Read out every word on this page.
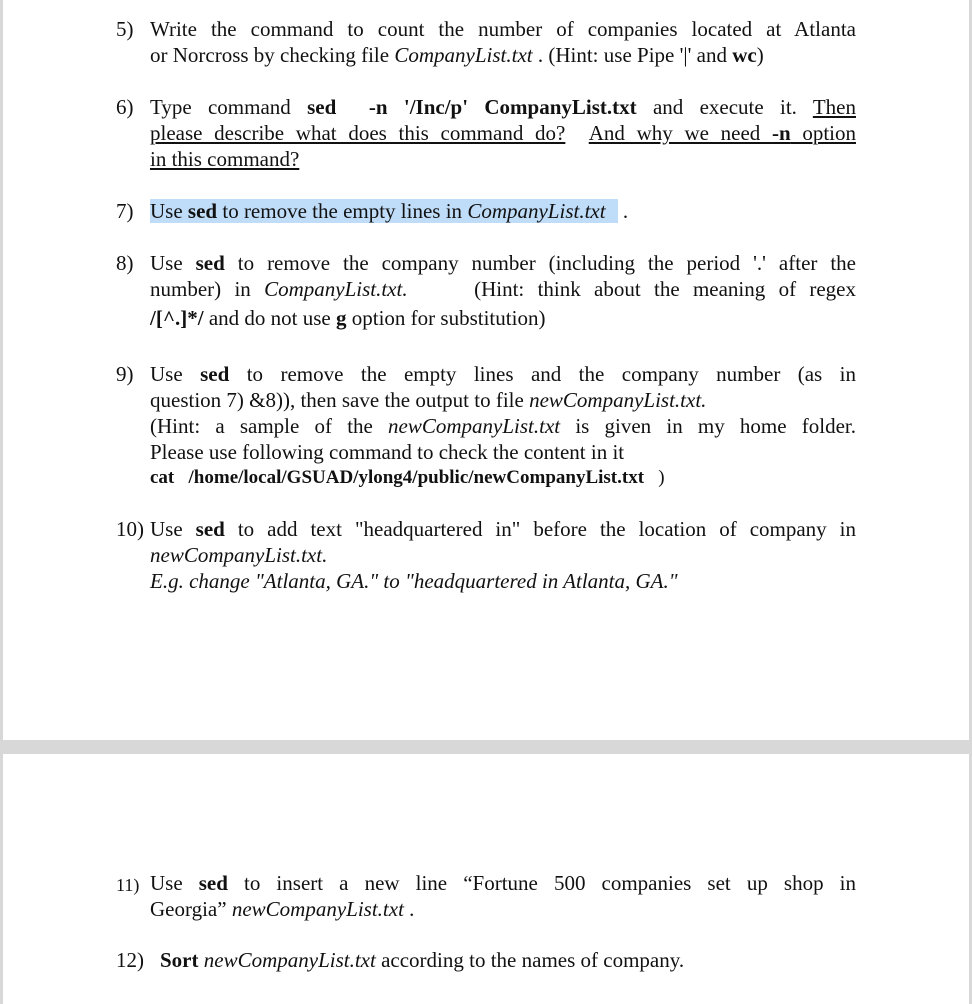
5) Write the command to count the number of companies located at Atlanta
or Norcross by checking file CompanyList.txt . (Hint: use Pipe '|' and wc)
6) Type command sed -n '/Inc/p' CompanyList.txt and execute it. Then
please describe what does this command do? And why we need -n option
in this command?
7) Use sed to remove the empty lines in CompanyList.txt .
8) Use sed to remove the company number (including the period '.' after the
number) in CompanyList.txt.	(Hint: think about the meaning of regex
/[^.]*/ and do not use g option for substitution)
9) Use sed to remove the empty lines and the company number (as in
question 7) &8)), then save the output to file newCompanyList.txt.
(Hint: a sample of the newCompanyList.txt is given in my home folder.
Please use following command to check the content in it
cat /home/local/GSUAD/ylong4/public/newCompanyList.txt )
10) Use sed to add text "headquartered in" before the location of company in
newCompanyList.txt.
E.g. change "Atlanta, GA." to "headquartered in Atlanta, GA."
11) Use sed to insert a new line “Fortune 500 companies set up shop in
Georgia” newCompanyList.txt .
12) Sort newCompanyList.txt according to the names of company.
